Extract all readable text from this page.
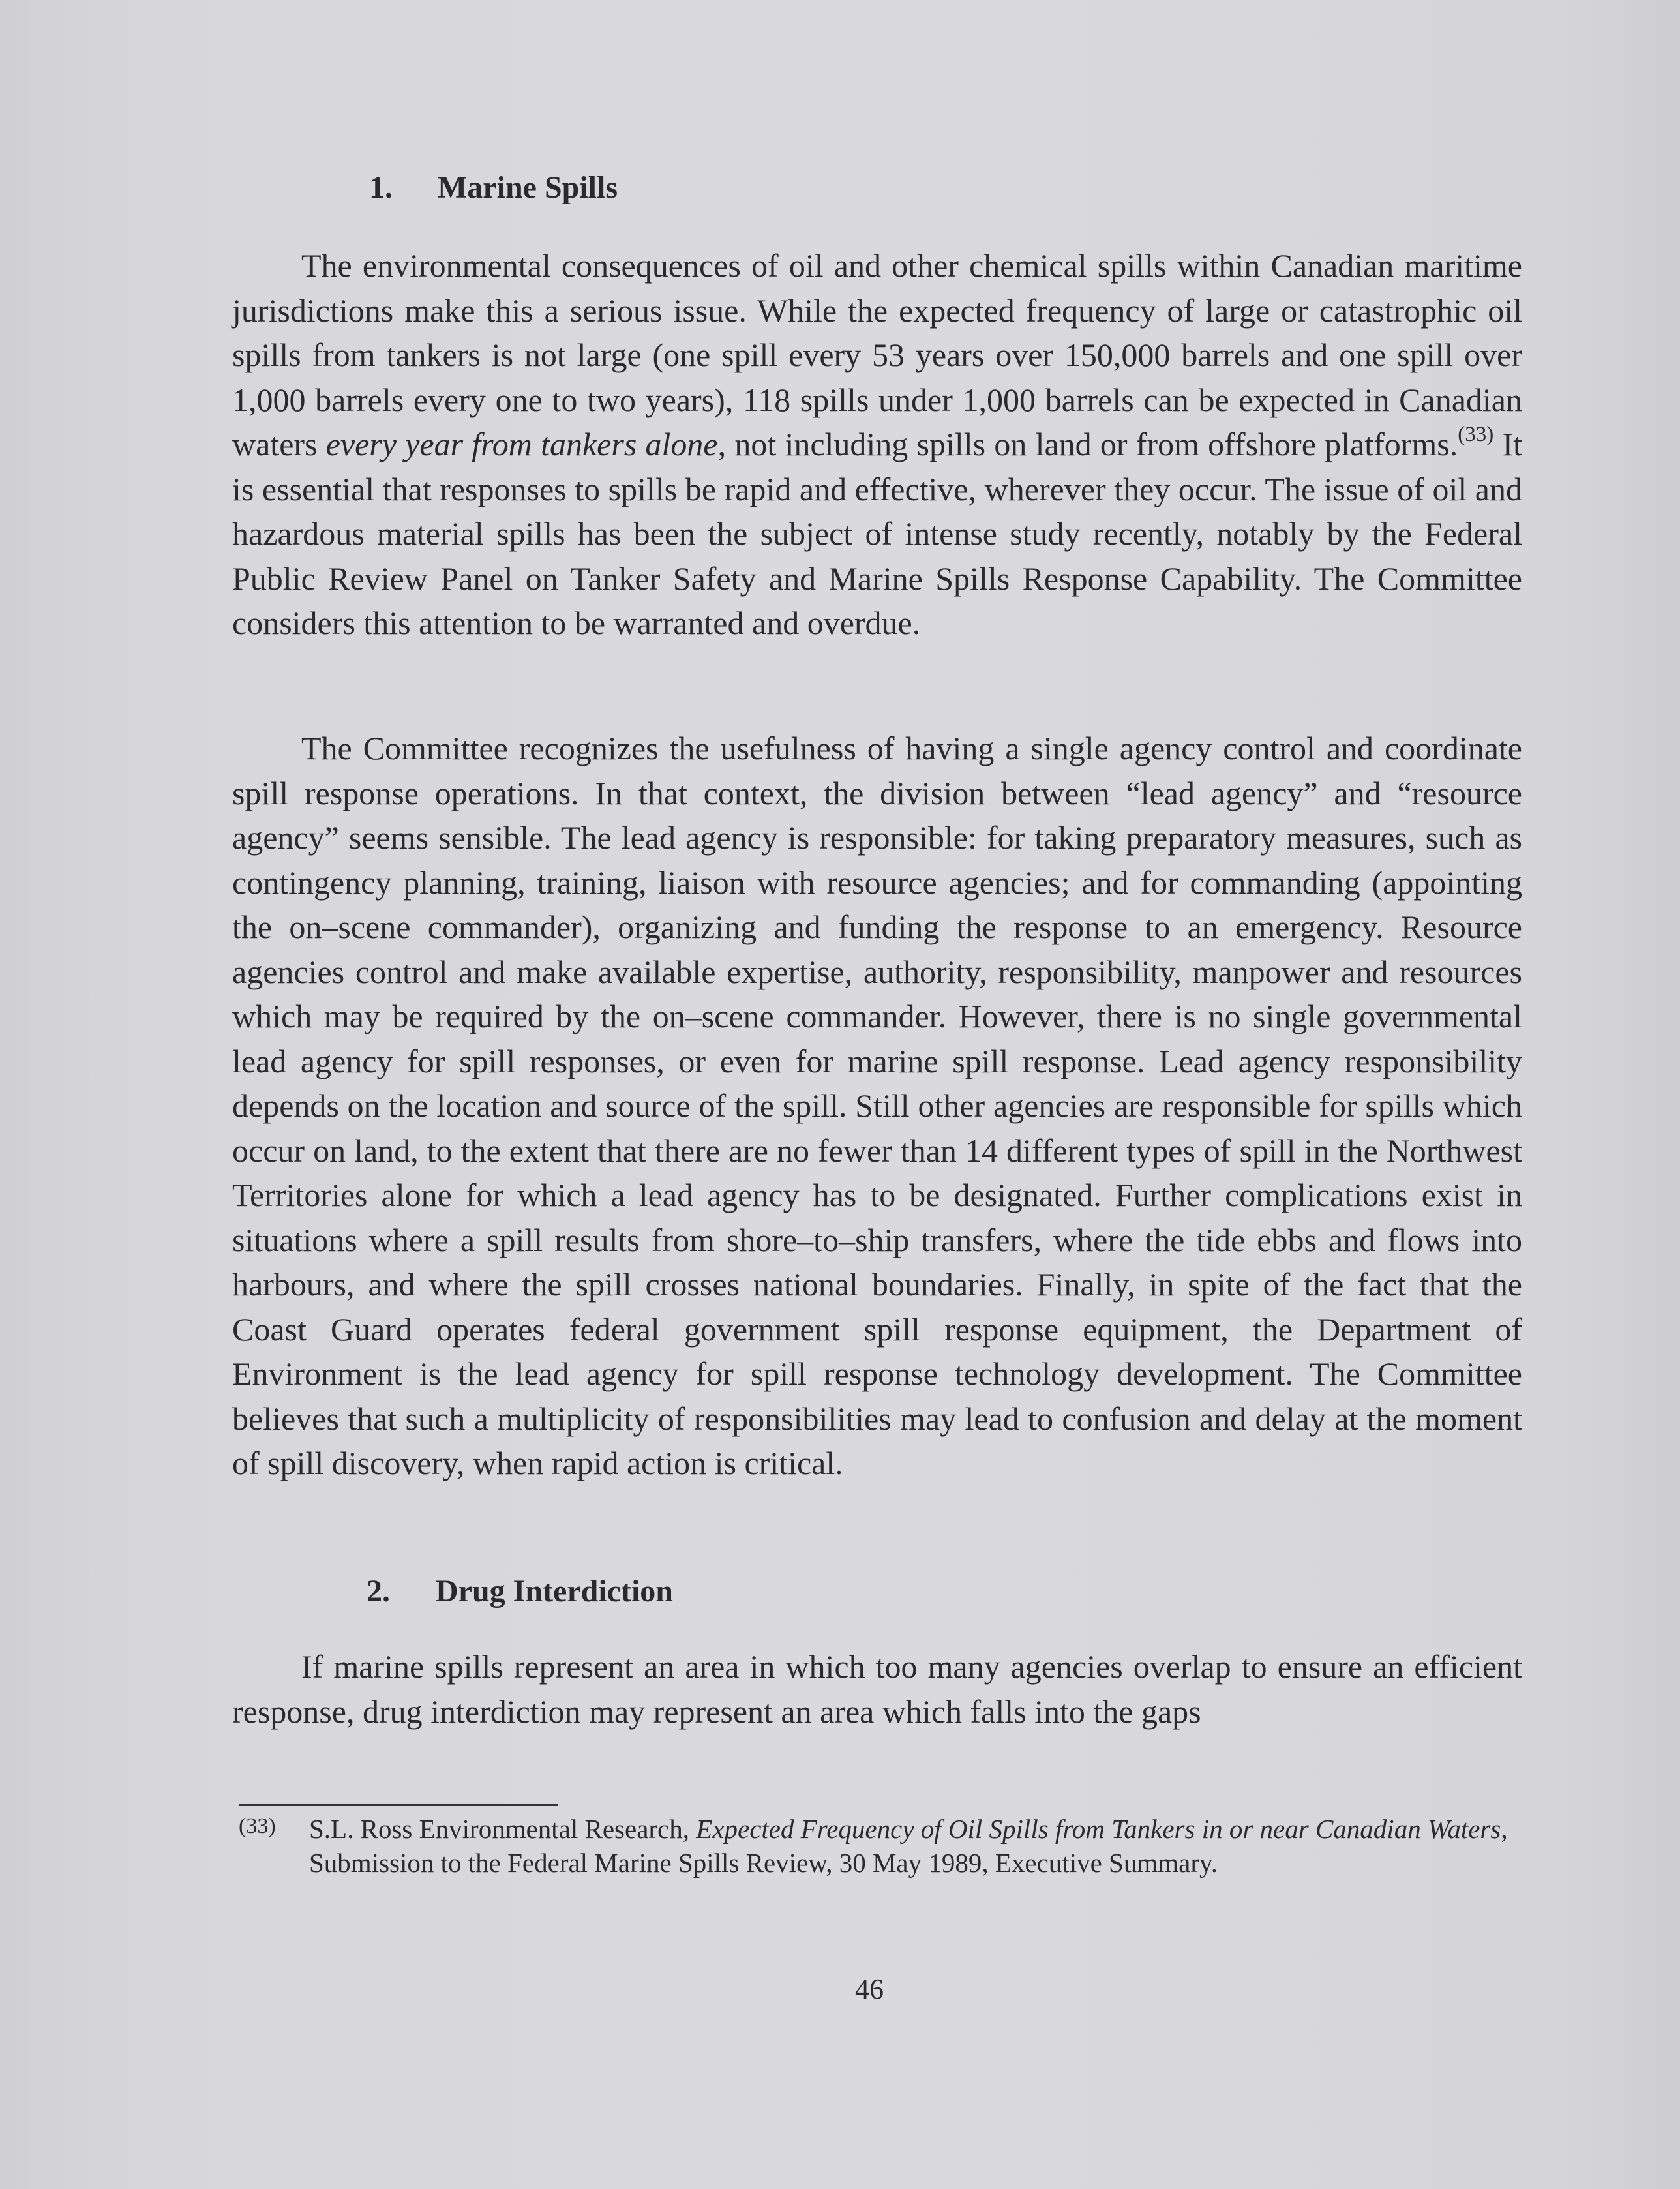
1. Marine Spills

The environmental consequences of oil and other chemical spills within Canadian maritime jurisdictions make this a serious issue. While the expected frequency of large or catastrophic oil spills from tankers is not large (one spill every 53 years over 150,000 barrels and one spill over 1,000 barrels every one to two years), 118 spills under 1,000 barrels can be expected in Canadian waters every year from tankers alone, not including spills on land or from offshore platforms.$^{(33)}$ It is essential that responses to spills be rapid and effective, wherever they occur. The issue of oil and hazardous material spills has been the subject of intense study recently, notably by the Federal Public Review Panel on Tanker Safety and Marine Spills Response Capability. The Committee considers this attention to be warranted and overdue.

The Committee recognizes the usefulness of having a single agency control and coordinate spill response operations. In that context, the division between “lead agency” and “resource agency” seems sensible. The lead agency is responsible: for taking preparatory measures, such as contingency planning, training, liaison with resource agencies; and for commanding (appointing the on–scene commander), organizing and funding the response to an emergency. Resource agencies control and make available expertise, authority, responsibility, manpower and resources which may be required by the on–scene commander. However, there is no single governmental lead agency for spill responses, or even for marine spill response. Lead agency responsibility depends on the location and source of the spill. Still other agencies are responsible for spills which occur on land, to the extent that there are no fewer than 14 different types of spill in the Northwest Territories alone for which a lead agency has to be designated. Further complications exist in situations where a spill results from shore–to–ship transfers, where the tide ebbs and flows into harbours, and where the spill crosses national boundaries. Finally, in spite of the fact that the Coast Guard operates federal government spill response equipment, the Department of Environment is the lead agency for spill response technology development. The Committee believes that such a multiplicity of responsibilities may lead to confusion and delay at the moment of spill discovery, when rapid action is critical.

2. Drug Interdiction

If marine spills represent an area in which too many agencies overlap to ensure an efficient response, drug interdiction may represent an area which falls into the gaps

(33) S.L. Ross Environmental Research, Expected Frequency of Oil Spills from Tankers in or near Canadian Waters, Submission to the Federal Marine Spills Review, 30 May 1989, Executive Summary.
46
